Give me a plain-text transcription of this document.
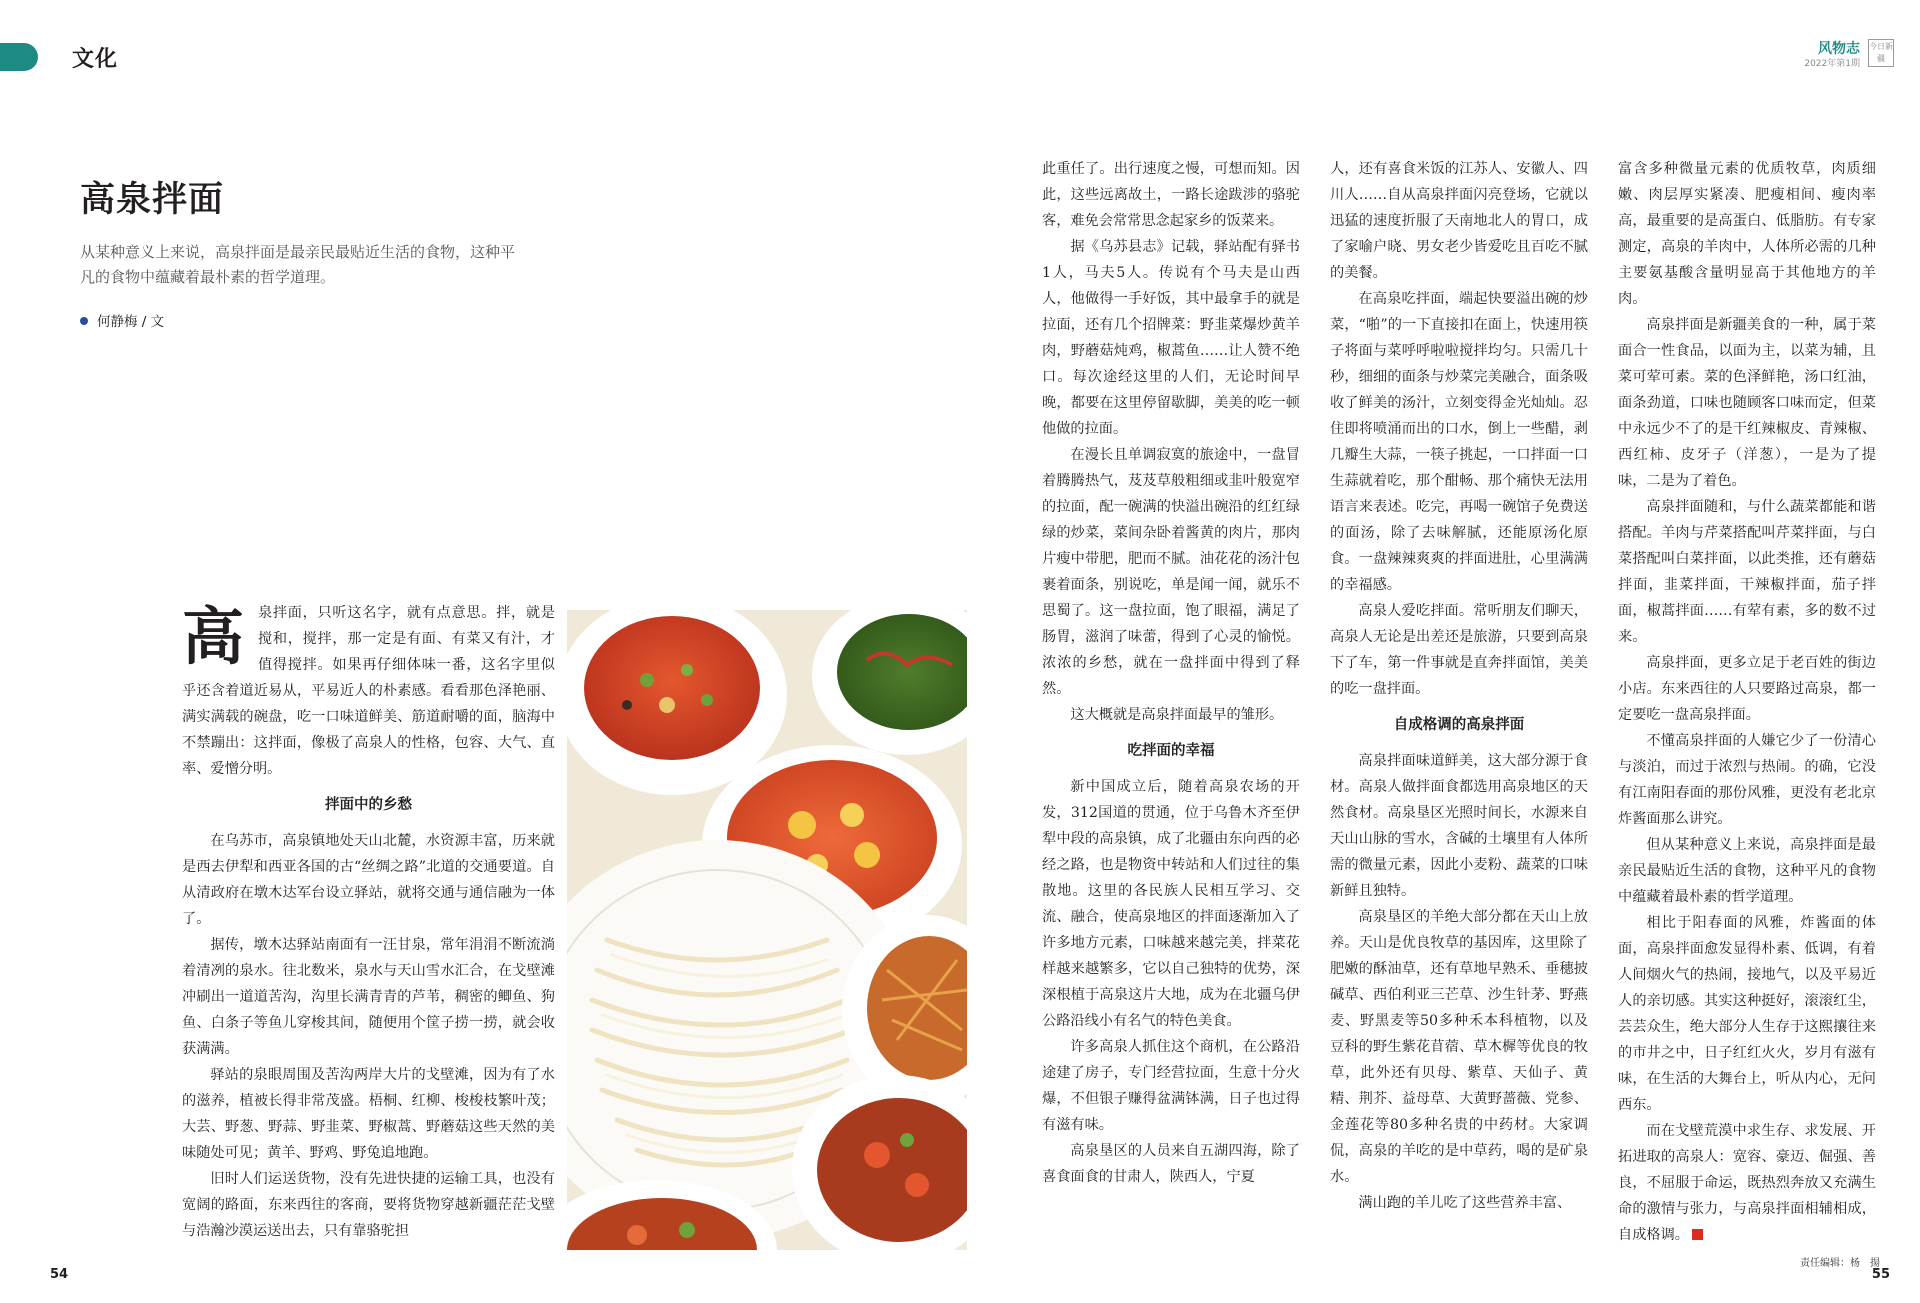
文化	风物志
2022年第1期
今日新疆
高泉拌面
从某种意义上来说，高泉拌面是最亲民最贴近生活的食物，这种平凡的食物中蕴藏着最朴素的哲学道理。
何静梅 / 文
高 泉拌面，只听这名字，就有点意思。拌，就是搅和，搅拌，那一定是有面、有菜又有汁，才值得搅拌。如果再仔细体味一番，这名字里似乎还含着道近易从，平易近人的朴素感。看看那色泽艳丽、满实满载的碗盘，吃一口味道鲜美、筋道耐嚼的面，脑海中不禁蹦出：这拌面，像极了高泉人的性格，包容、大气、直率、爱憎分明。

拌面中的乡愁

在乌苏市，高泉镇地处天山北麓，水资源丰富，历来就是西去伊犁和西亚各国的古“丝绸之路”北道的交通要道。自从清政府在墩木达军台设立驿站，就将交通与通信融为一体了。

据传，墩木达驿站南面有一汪甘泉，常年涓涓不断流淌着清冽的泉水。往北数米，泉水与天山雪水汇合，在戈壁滩冲刷出一道道苦沟，沟里长满青青的芦苇，稠密的鲫鱼、狗鱼、白条子等鱼儿穿梭其间，随便用个筐子捞一捞，就会收获满满。

驿站的泉眼周围及苦沟两岸大片的戈壁滩，因为有了水的滋养，植被长得非常茂盛。梧桐、红柳、梭梭枝繁叶茂；大芸、野葱、野蒜、野韭菜、野椒蒿、野蘑菇这些天然的美味随处可见；黄羊、野鸡、野兔追地跑。

旧时人们运送货物，没有先进快捷的运输工具，也没有宽阔的路面，东来西往的客商，要将货物穿越新疆茫茫戈壁与浩瀚沙漠运送出去，只有靠骆驼担

此重任了。出行速度之慢，可想而知。因此，这些远离故土，一路长途跋涉的骆驼客，难免会常常思念起家乡的饭菜来。

据《乌苏县志》记载，驿站配有驿书1人，马夫5人。传说有个马夫是山西人，他做得一手好饭，其中最拿手的就是拉面，还有几个招牌菜：野韭菜爆炒黄羊肉，野蘑菇炖鸡，椒蒿鱼……让人赞不绝口。每次途经这里的人们，无论时间早晚，都要在这里停留歇脚，美美的吃一顿他做的拉面。

在漫长且单调寂寞的旅途中，一盘冒着腾腾热气，芨芨草般粗细或韭叶般宽窄的拉面，配一碗满的快溢出碗沿的红红绿绿的炒菜，菜间杂卧着酱黄的肉片，那肉片瘦中带肥，肥而不腻。油花花的汤汁包裹着面条，别说吃，单是闻一闻，就乐不思蜀了。这一盘拉面，饱了眼福，满足了肠胃，滋润了味蕾，得到了心灵的愉悦。浓浓的乡愁，就在一盘拌面中得到了释然。

这大概就是高泉拌面最早的雏形。

吃拌面的幸福

新中国成立后，随着高泉农场的开发，312国道的贯通，位于乌鲁木齐至伊犁中段的高泉镇，成了北疆由东向西的必经之路，也是物资中转站和人们过往的集散地。这里的各民族人民相互学习、交流、融合，使高泉地区的拌面逐渐加入了许多地方元素，口味越来越完美，拌菜花样越来越繁多，它以自己独特的优势，深深根植于高泉这片大地，成为在北疆乌伊公路沿线小有名气的特色美食。

许多高泉人抓住这个商机，在公路沿途建了房子，专门经营拉面，生意十分火爆，不但银子赚得盆满钵满，日子也过得有滋有味。

高泉垦区的人员来自五湖四海，除了喜食面食的甘肃人，陕西人，宁夏

人，还有喜食米饭的江苏人、安徽人、四川人……自从高泉拌面闪亮登场，它就以迅猛的速度折服了天南地北人的胃口，成了家喻户晓、男女老少皆爱吃且百吃不腻的美餐。

在高泉吃拌面，端起快要溢出碗的炒菜，“啪”的一下直接扣在面上，快速用筷子将面与菜呼呼啦啦搅拌均匀。只需几十秒，细细的面条与炒菜完美融合，面条吸收了鲜美的汤汁，立刻变得金光灿灿。忍住即将喷涌而出的口水，倒上一些醋，剥几瓣生大蒜，一筷子挑起，一口拌面一口生蒜就着吃，那个酣畅、那个痛快无法用语言来表述。吃完，再喝一碗馆子免费送的面汤，除了去味解腻，还能原汤化原食。一盘辣辣爽爽的拌面进肚，心里满满的幸福感。

高泉人爱吃拌面。常听朋友们聊天，高泉人无论是出差还是旅游，只要到高泉下了车，第一件事就是直奔拌面馆，美美的吃一盘拌面。

自成格调的高泉拌面

高泉拌面味道鲜美，这大部分源于食材。高泉人做拌面食都选用高泉地区的天然食材。高泉垦区光照时间长，水源来自天山山脉的雪水，含碱的土壤里有人体所需的微量元素，因此小麦粉、蔬菜的口味新鲜且独特。

高泉垦区的羊绝大部分都在天山上放养。天山是优良牧草的基因库，这里除了肥嫩的酥油草，还有草地早熟禾、垂穗披碱草、西伯利亚三芒草、沙生针茅、野燕麦、野黑麦等50多种禾本科植物，以及豆科的野生紫花苜蓿、草木樨等优良的牧草，此外还有贝母、紫草、天仙子、黄精、荆芥、益母草、大黄野蔷薇、党参、金莲花等80多种名贵的中药材。大家调侃，高泉的羊吃的是中草药，喝的是矿泉水。

满山跑的羊儿吃了这些营养丰富、

富含多种微量元素的优质牧草，肉质细嫩、肉层厚实紧凑、肥瘦相间、瘦肉率高，最重要的是高蛋白、低脂肪。有专家测定，高泉的羊肉中，人体所必需的几种主要氨基酸含量明显高于其他地方的羊肉。

高泉拌面是新疆美食的一种，属于菜面合一性食品，以面为主，以菜为辅，且菜可荤可素。菜的色泽鲜艳，汤口红油，面条劲道，口味也随顾客口味而定，但菜中永远少不了的是干红辣椒皮、青辣椒、西红柿、皮牙子（洋葱），一是为了提味，二是为了着色。

高泉拌面随和，与什么蔬菜都能和谐搭配。羊肉与芹菜搭配叫芹菜拌面，与白菜搭配叫白菜拌面，以此类推，还有蘑菇拌面，韭菜拌面，干辣椒拌面，茄子拌面，椒蒿拌面……有荤有素，多的数不过来。

高泉拌面，更多立足于老百姓的街边小店。东来西往的人只要路过高泉，都一定要吃一盘高泉拌面。

不懂高泉拌面的人嫌它少了一份清心与淡泊，而过于浓烈与热闹。的确，它没有江南阳春面的那份风雅，更没有老北京炸酱面那么讲究。

但从某种意义上来说，高泉拌面是最亲民最贴近生活的食物，这种平凡的食物中蕴藏着最朴素的哲学道理。

相比于阳春面的风雅，炸酱面的体面，高泉拌面愈发显得朴素、低调，有着人间烟火气的热闹，接地气，以及平易近人的亲切感。其实这种挺好，滚滚红尘，芸芸众生，绝大部分人生存于这熙攘往来的市井之中，日子红红火火，岁月有滋有味，在生活的大舞台上，听从内心，无问西东。

而在戈壁荒漠中求生存、求发展、开拓进取的高泉人：宽容、豪迈、倔强、善良，不屈服于命运，既热烈奔放又充满生命的激情与张力，与高泉拌面相辅相成，自成格调。

54
责任编辑：杨　揚
55
